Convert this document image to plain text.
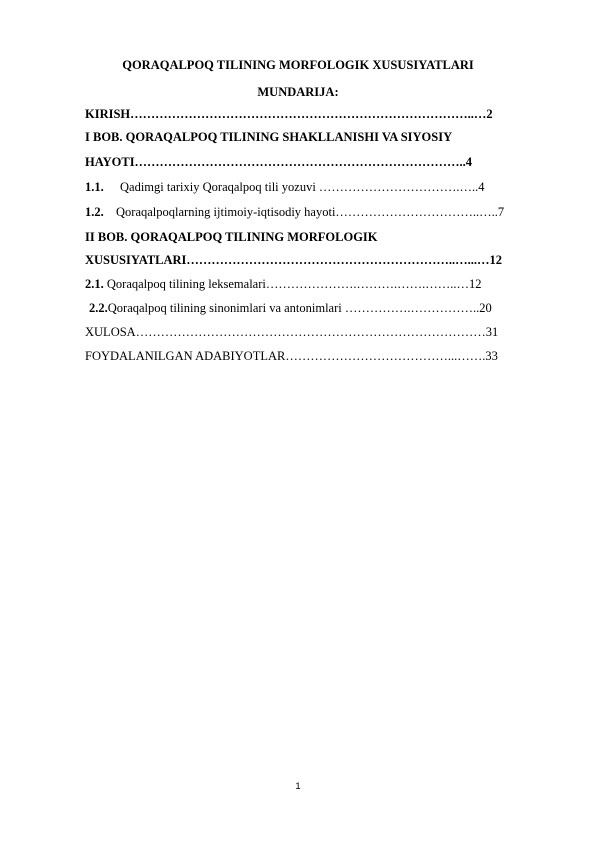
QORAQALPOQ TILINING MORFOLOGIK XUSUSIYATLARI
MUNDARIJA:
KIRISH………………………………………………………………………..…2
I BOB. QORAQALPOQ TILINING SHAKLLANISHI VA SIYOSIY
HAYOTI……………………………………………………………………..4
1.1. Qadimgi tarixiy Qoraqalpoq tili yozuvi …………………………….…..4
1.2. Qoraqalpoqlarning ijtimoiy-iqtisodiy hayoti……………………………..…..7
II BOB. QORAQALPOQ TILINING MORFOLOGIK
XUSUSIYATLARI………………………………………………………..…...…12
2.1. Qoraqalpoq tilining leksemalari………………….……….…….……..…12
2.2.Qoraqalpoq tilining sinonimlari va antonimlari …………….……………..20
XULOSA…………………………………………………………………………31
FOYDALANILGAN ADABIYOTLAR…………………………………...…….33
1
